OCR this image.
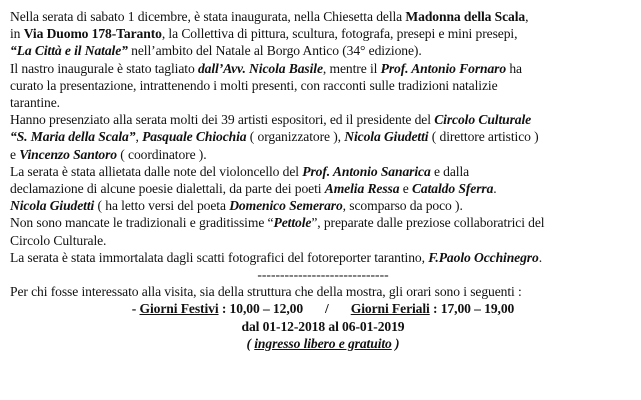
Nella serata di sabato 1 dicembre, è stata inaugurata, nella Chiesetta della Madonna della Scala,
in Via Duomo 178-Taranto, la Collettiva di pittura, scultura, fotografa, presepi e mini presepi,
“La Città e il Natale” nell’ambito del Natale al Borgo Antico (34° edizione).
Il nastro inaugurale è stato tagliato dall’Avv. Nicola Basile, mentre il Prof. Antonio Fornaro ha
curato la presentazione, intrattenendo i molti presenti, con racconti sulle tradizioni natalizie
tarantine.
Hanno presenziato alla serata molti dei 39 artisti espositori, ed il presidente del Circolo Culturale
“S. Maria della Scala”, Pasquale Chiochia ( organizzatore ), Nicola Giudetti ( direttore artistico )
e Vincenzo Santoro ( coordinatore ).
La serata è stata allietata dalle note del violoncello del Prof. Antonio Sanarica e dalla
declamazione di alcune poesie dialettali, da parte dei poeti Amelia Ressa e Cataldo Sferra.
Nicola Giudetti ( ha letto versi del poeta Domenico Semeraro, scomparso da poco ).
Non sono mancate le tradizionali e graditissime “Pettole”, preparate dalle preziose collaboratrici del
Circolo Culturale.
La serata è stata immortalata dagli scatti fotografici del fotoreporter tarantino, F.Paolo Occhinegro.
-----------------------------
Per chi fosse interessato alla visita, sia della struttura che della mostra, gli orari sono i seguenti :
- Giorni Festivi : 10,00 – 12,00 / Giorni Feriali : 17,00 – 19,00
dal 01-12-2018 al 06-01-2019
( ingresso libero e gratuito )
